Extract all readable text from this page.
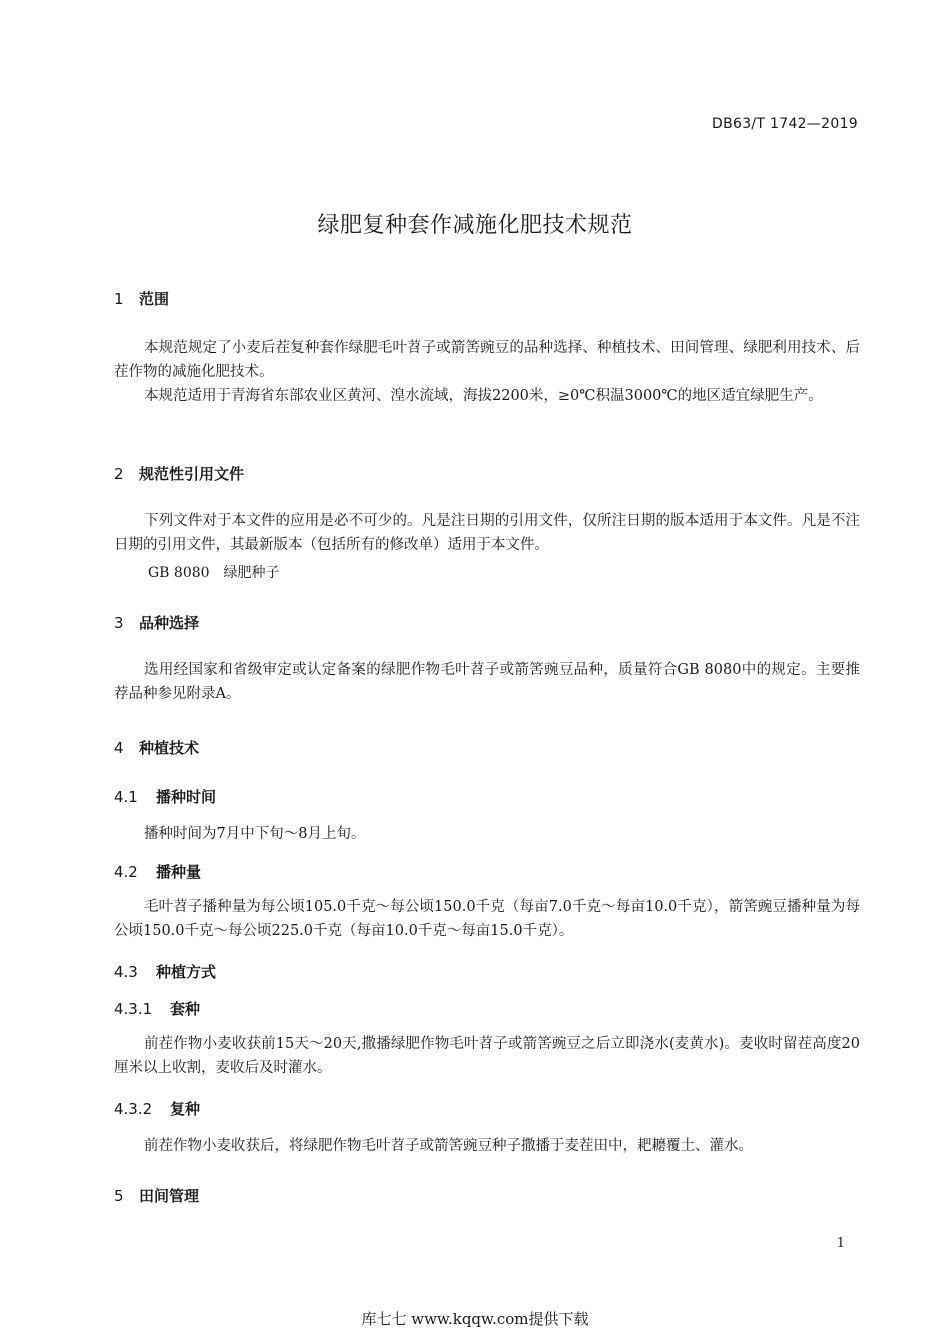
DB63/T 1742—2019
绿肥复种套作减施化肥技术规范
1 范围
本规范规定了小麦后茬复种套作绿肥毛叶苕子或箭筈豌豆的品种选择、种植技术、田间管理、绿肥利用技术、后茬作物的减施化肥技术。
本规范适用于青海省东部农业区黄河、湟水流域，海拔2200米，≥0℃积温3000℃的地区适宜绿肥生产。
2 规范性引用文件
下列文件对于本文件的应用是必不可少的。凡是注日期的引用文件，仅所注日期的版本适用于本文件。凡是不注日期的引用文件，其最新版本（包括所有的修改单）适用于本文件。
GB 8080　绿肥种子
3 品种选择
选用经国家和省级审定或认定备案的绿肥作物毛叶苕子或箭筈豌豆品种，质量符合GB 8080中的规定。主要推荐品种参见附录A。
4 种植技术
4.1 播种时间
播种时间为7月中下旬～8月上旬。
4.2 播种量
毛叶苕子播种量为每公顷105.0千克～每公顷150.0千克（每亩7.0千克～每亩10.0千克），箭筈豌豆播种量为每公顷150.0千克～每公顷225.0千克（每亩10.0千克～每亩15.0千克）。
4.3 种植方式
4.3.1 套种
前茬作物小麦收获前15天～20天,撒播绿肥作物毛叶苕子或箭筈豌豆之后立即浇水(麦黄水)。麦收时留茬高度20厘米以上收割，麦收后及时灌水。
4.3.2 复种
前茬作物小麦收获后，将绿肥作物毛叶苕子或箭筈豌豆种子撒播于麦茬田中，耙耱覆土、灌水。
5 田间管理
1
库七七 www.kqqw.com提供下载
